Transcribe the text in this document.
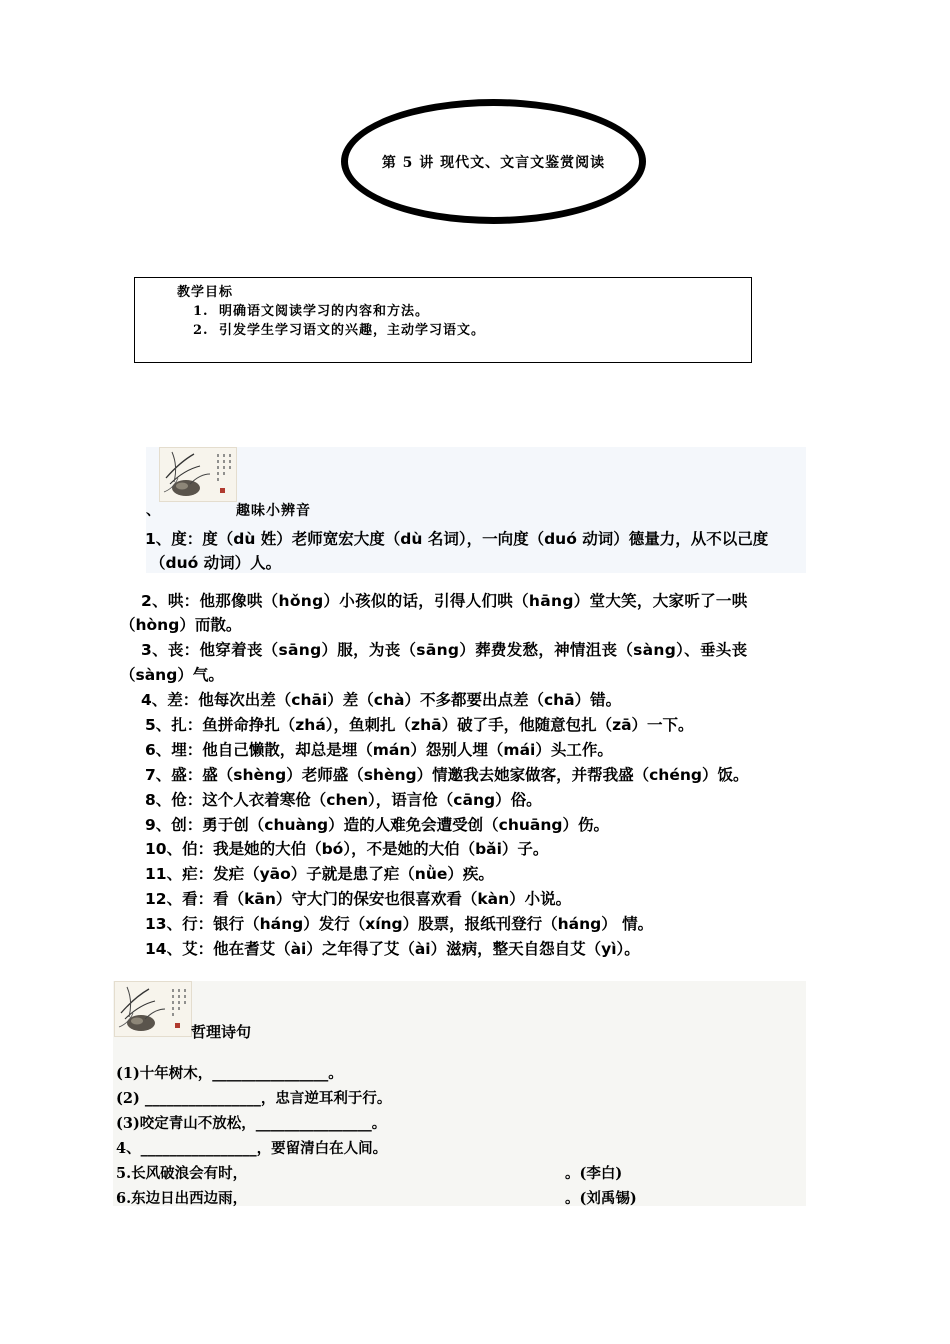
第 5 讲 现代文、文言文鉴赏阅读
教学目标
1. 明确语文阅读学习的内容和方法。
2. 引发学生学习语文的兴趣，主动学习语文。
、	趣味小辨音
1、度：度（dù 姓）老师宽宏大度（dù 名词），一向度（duó 动词）德量力，从不以己度
（duó 动词）人。
2、哄：他那像哄（hǒng）小孩似的话，引得人们哄（hāng）堂大笑，大家听了一哄
（hòng）而散。
3、丧：他穿着丧（sāng）服，为丧（sāng）葬费发愁，神情沮丧（sàng）、垂头丧
（sàng）气。
4、差：他每次出差（chāi）差（chà）不多都要出点差（chā）错。
5、扎：鱼拼命挣扎（zhá），鱼刺扎（zhā）破了手，他随意包扎（zā）一下。
6、埋：他自己懒散，却总是埋（mán）怨别人埋（mái）头工作。
7、盛：盛（shèng）老师盛（shèng）情邀我去她家做客，并帮我盛（chéng）饭。
8、伧：这个人衣着寒伧（chen），语言伧（cāng）俗。
9、创：勇于创（chuàng）造的人难免会遭受创（chuāng）伤。
10、伯：我是她的大伯（bó），不是她的大伯（bǎi）子。
11、疟：发疟（yāo）子就是患了疟（nǜe）疾。
12、看：看（kān）守大门的保安也很喜欢看（kàn）小说。
13、行：银行（háng）发行（xíng）股票，报纸刊登行（háng） 情。
14、艾：他在耆艾（ài）之年得了艾（ài）滋病，整天自怨自艾（yì）。
哲理诗句
(1)十年树木，________________。
(2) ________________，忠言逆耳利于行。
(3)咬定青山不放松，________________。
4、________________，要留清白在人间。
5.长风破浪会有时，	。(李白)
6.东边日出西边雨，	。(刘禹锡)
